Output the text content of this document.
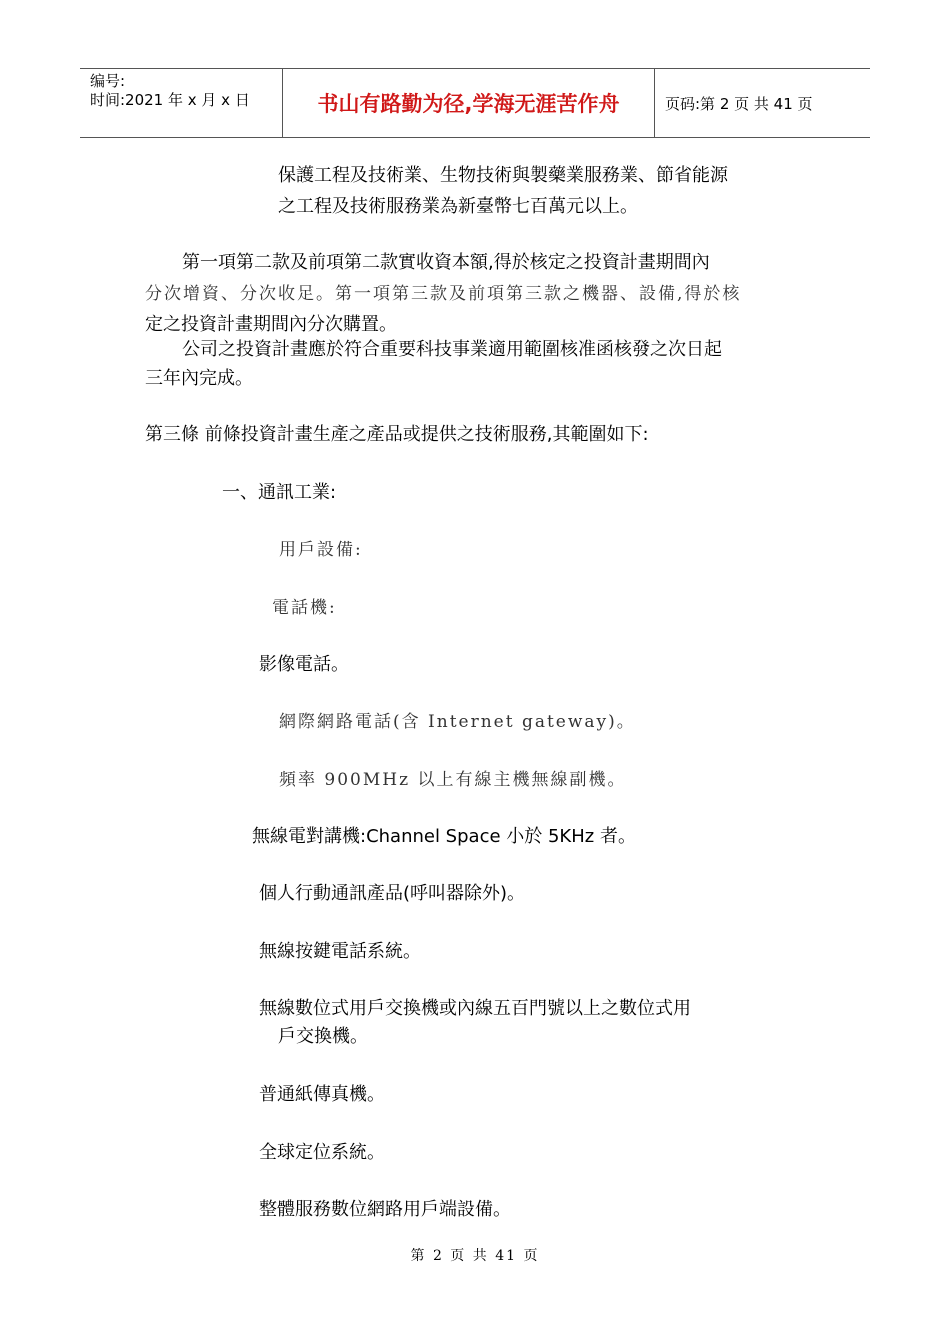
编号:
时间:2021 年 x 月 x 日	书山有路勤为径,学海无涯苦作舟	页码:第 2 页 共 41 页
保護工程及技術業、生物技術與製藥業服務業、節省能源
之工程及技術服務業為新臺幣七百萬元以上。
第一項第二款及前項第二款實收資本額,得於核定之投資計畫期間內
分次增資、分次收足。第一項第三款及前項第三款之機器、設備,得於核
定之投資計畫期間內分次購置。
公司之投資計畫應於符合重要科技事業適用範圍核准函核發之次日起
三年內完成。
第三條 前條投資計畫生產之產品或提供之技術服務,其範圍如下:
一、通訊工業:
用戶設備:
電話機:
影像電話。
網際網路電話(含 Internet gateway)。
頻率 900MHz 以上有線主機無線副機。
無線電對講機:Channel Space 小於 5KHz 者。
個人行動通訊產品(呼叫器除外)。
無線按鍵電話系統。
無線數位式用戶交換機或內線五百門號以上之數位式用
戶交換機。
普通紙傳真機。
全球定位系統。
整體服務數位網路用戶端設備。
第 2 页 共 41 页
